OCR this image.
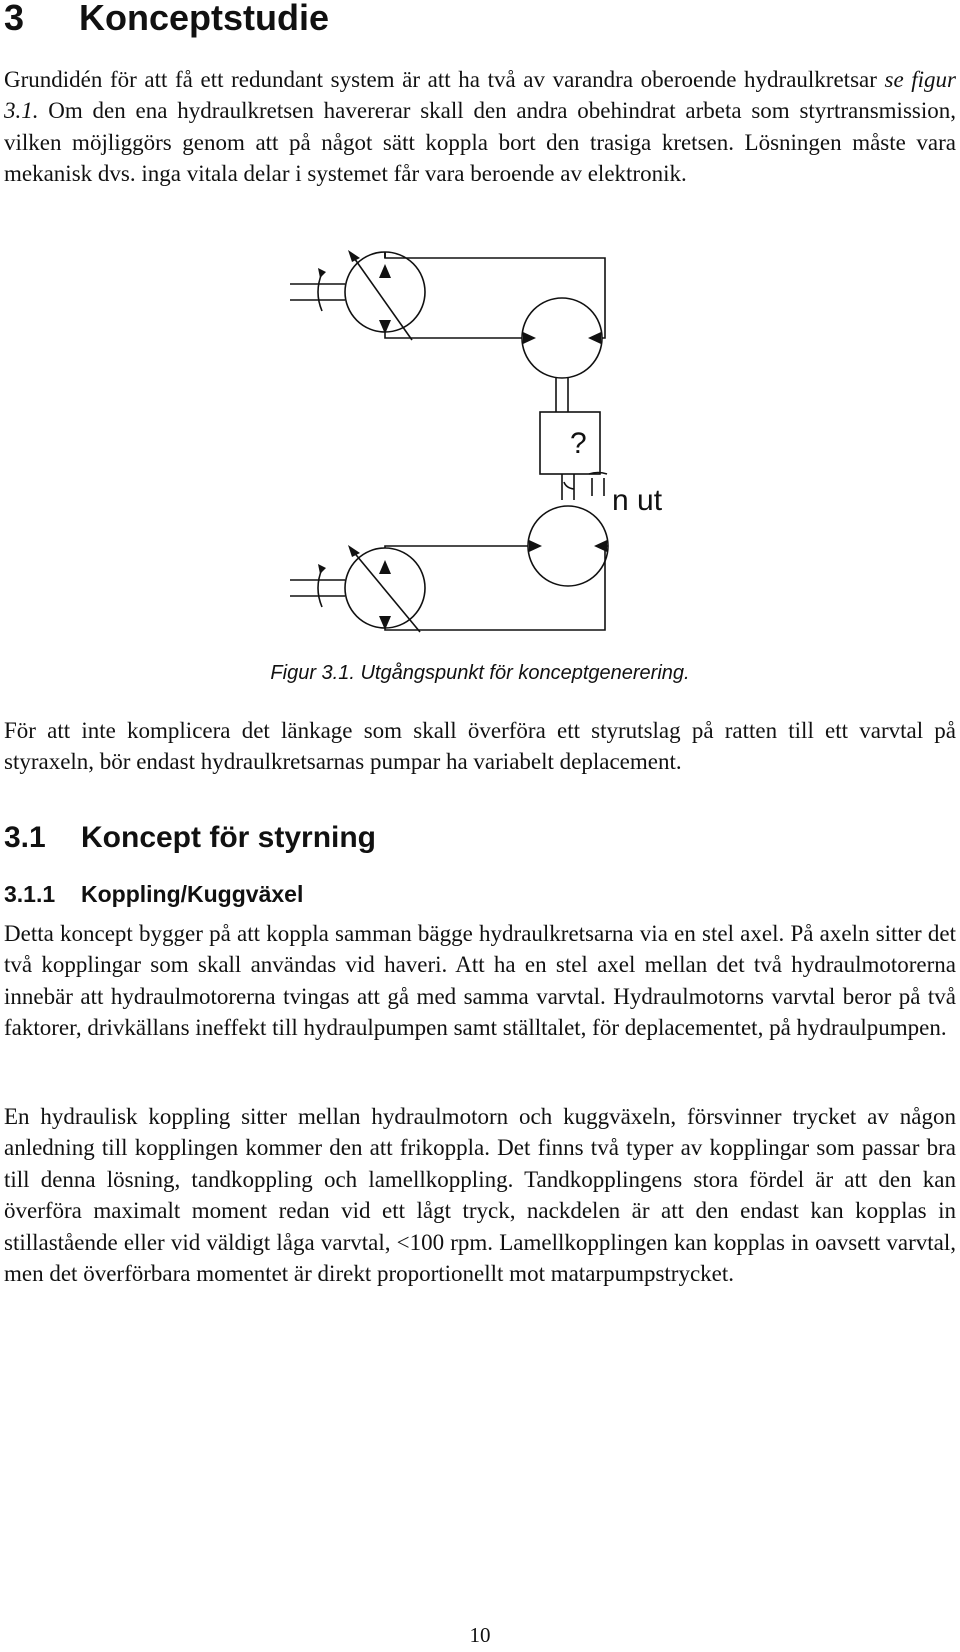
3 Konceptstudie

Grundidén för att få ett redundant system är att ha två av varandra oberoende hydraulkretsar se figur 3.1. Om den ena hydraulkretsen havererar skall den andra obehindrat arbeta som styrtransmission, vilken möjliggörs genom att på något sätt koppla bort den trasiga kretsen. Lösningen måste vara mekanisk dvs. inga vitala delar i systemet får vara beroende av elektronik.

?
n ut

Figur 3.1. Utgångspunkt för konceptgenerering.

För att inte komplicera det länkage som skall överföra ett styrutslag på ratten till ett varvtal på styraxeln, bör endast hydraulkretsarnas pumpar ha variabelt deplacement.

3.1 Koncept för styrning
3.1.1 Koppling/Kuggväxel

Detta koncept bygger på att koppla samman bägge hydraulkretsarna via en stel axel. På axeln sitter det två kopplingar som skall användas vid haveri. Att ha en stel axel mellan det två hydraulmotorerna innebär att hydraulmotorerna tvingas att gå med samma varvtal. Hydraulmotorns varvtal beror på två faktorer, drivkällans ineffekt till hydraulpumpen samt ställtalet, för deplacementet, på hydraulpumpen.

En hydraulisk koppling sitter mellan hydraulmotorn och kuggväxeln, försvinner trycket av någon anledning till kopplingen kommer den att frikoppla. Det finns två typer av kopplingar som passar bra till denna lösning, tandkoppling och lamellkoppling. Tandkopplingens stora fördel är att den kan överföra maximalt moment redan vid ett lågt tryck, nackdelen är att den endast kan kopplas in stillastående eller vid väldigt låga varvtal, <100 rpm. Lamellkopplingen kan kopplas in oavsett varvtal, men det överförbara momentet är direkt proportionellt mot matarpumpstrycket.

10
